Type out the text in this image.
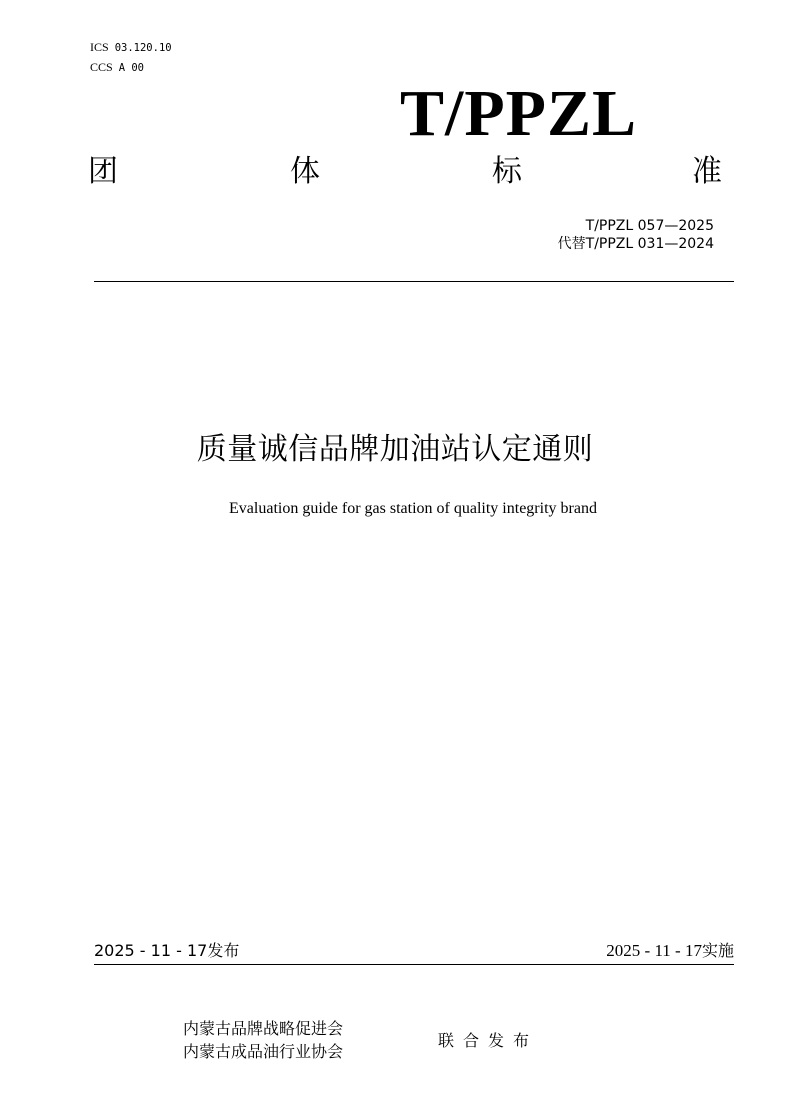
ICS 03.120.10
CCS A 00
T/PPZL
团	体	标	准
T/PPZL 057—2025
代替T/PPZL 031—2024
质量诚信品牌加油站认定通则
Evaluation guide for gas station of quality integrity brand
2025 - 11 - 17发布	2025 - 11 - 17实施
内蒙古品牌战略促进会
内蒙古成品油行业协会
联合发布
